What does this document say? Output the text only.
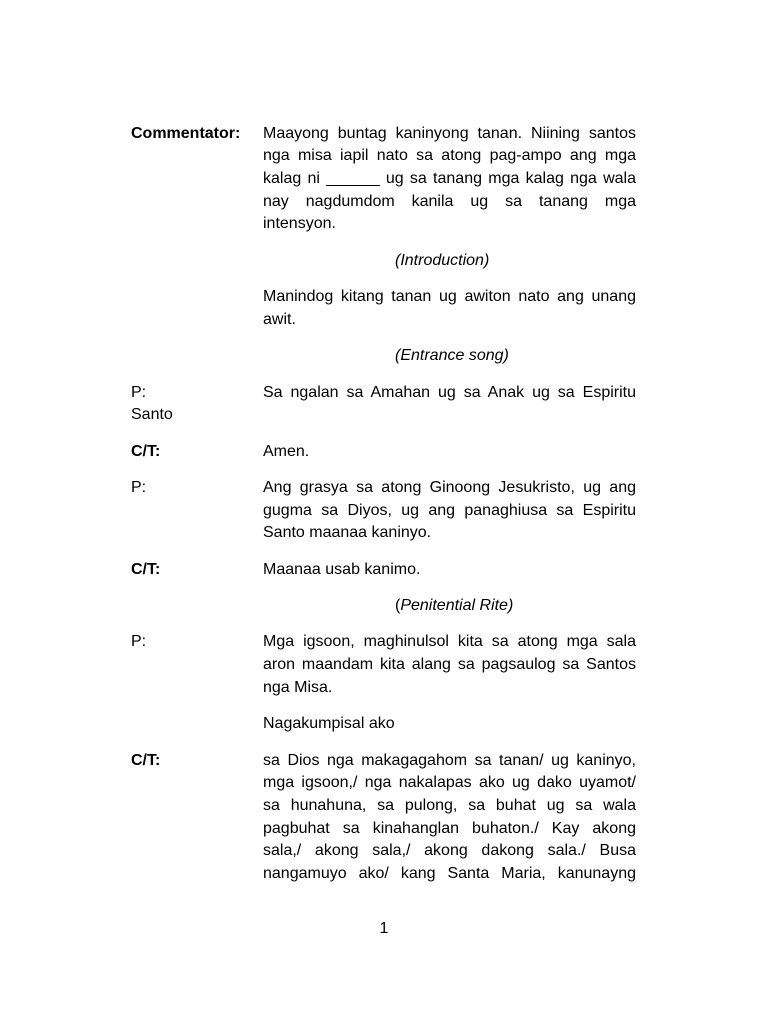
Commentator:	Maayong buntag kaninyong tanan. Niining santos
nga misa iapil nato sa atong pag-ampo ang mga
kalag ni ______ ug sa tanang mga kalag nga wala
nay nagdumdom kanila ug sa tanang mga
intensyon.
(Introduction)
Manindog kitang tanan ug awiton nato ang unang
awit.
(Entrance song)
P:	Sa ngalan sa Amahan ug sa Anak ug sa Espiritu
Santo
C/T:	Amen.
P:	Ang grasya sa atong Ginoong Jesukristo, ug ang
gugma sa Diyos, ug ang panaghiusa sa Espiritu
Santo maanaa kaninyo.
C/T:	Maanaa usab kanimo.
(Penitential Rite)
P:	Mga igsoon, maghinulsol kita sa atong mga sala
aron maandam kita alang sa pagsaulog sa Santos
nga Misa.
Nagakumpisal ako
C/T:	sa Dios nga makagagahom sa tanan/ ug kaninyo,
mga igsoon,/ nga nakalapas ako ug dako uyamot/
sa hunahuna, sa pulong, sa buhat ug sa wala
pagbuhat sa kinahanglan buhaton./ Kay akong
sala,/ akong sala,/ akong dakong sala./ Busa
nangamuyo ako/ kang Santa Maria, kanunayng
1
